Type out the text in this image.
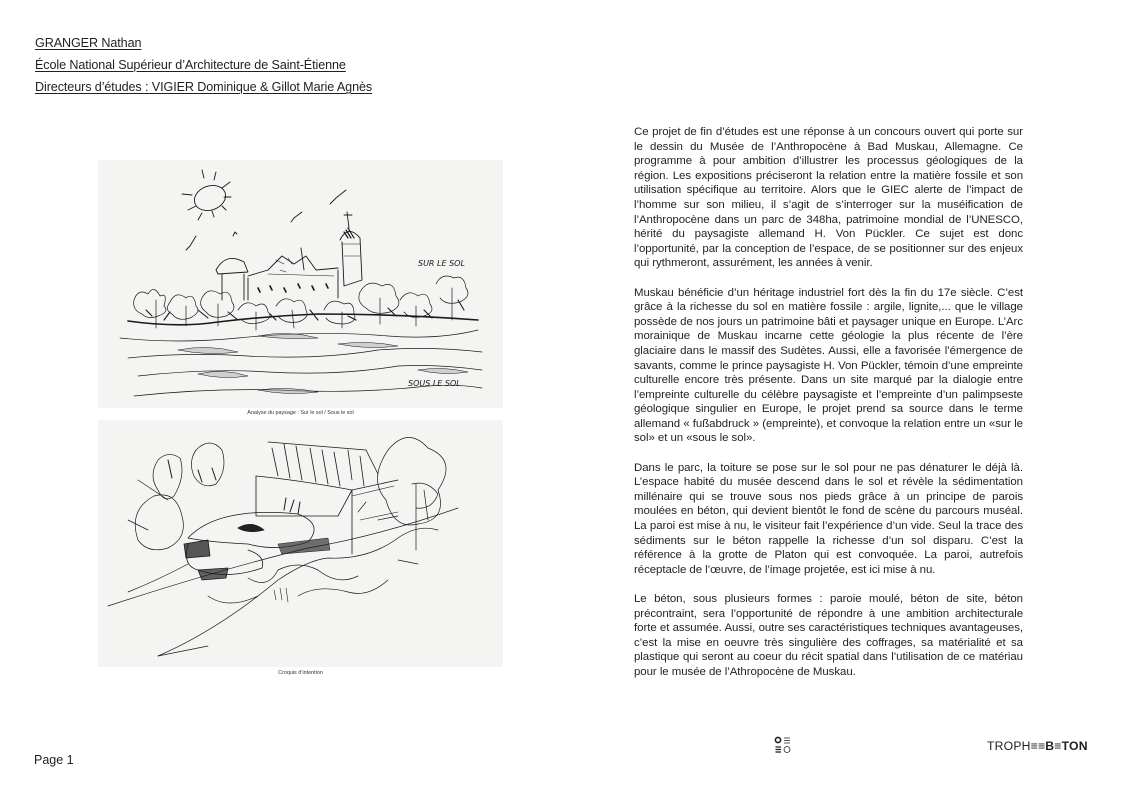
GRANGER Nathan
École National Supérieur d’Architecture de Saint-Étienne
Directeurs d’études : VIGIER Dominique & Gillot Marie Agnès
SUR LE SOL
SOUS LE SOL
Analyse du paysage : Sur le sol / Sous le sol
Croquis d’intention

Ce projet de fin d’études est une réponse à un concours ouvert qui porte sur le dessin du Musée de l’Anthropocène à Bad Muskau, Allemagne. Ce programme à pour ambition d’illustrer les processus géologiques de la région. Les expositions préciseront la relation entre la matière fossile et son utilisation spécifique au territoire. Alors que le GIEC alerte de l’impact de l’homme sur son milieu, il s’agit de s’interroger sur la muséification de l’Anthropocène dans un parc de 348ha, patrimoine mondial de l’UNESCO, hérité du paysagiste allemand H. Von Pückler. Ce sujet est donc l’opportunité, par la conception de l’espace, de se positionner sur des enjeux qui rythmeront, assurément, les années à venir.

Muskau bénéficie d’un héritage industriel fort dès la fin du 17e siècle. C’est grâce à la richesse du sol en matière fossile : argile, lignite,... que le village possède de nos jours un patrimoine bâti et paysager unique en Europe. L’Arc morainique de Muskau incarne cette géologie la plus récente de l’ère glaciaire dans le massif des Sudètes. Aussi, elle a favorisée l’émergence de savants, comme le prince paysagiste H. Von Pückler, témoin d’une empreinte culturelle encore très présente. Dans un site marqué par la dialogie entre l’empreinte culturelle du célèbre paysagiste et l’empreinte d’un palimpseste géologique singulier en Europe, le projet prend sa source dans le terme allemand « fußabdruck » (empreinte), et convoque la relation entre un «sur le sol» et un «sous le sol».

Dans le parc, la toiture se pose sur le sol pour ne pas dénaturer le déjà là. L’espace habité du musée descend dans le sol et révèle la sédimentation millénaire qui se trouve sous nos pieds grâce à un principe de parois moulées en béton, qui devient bientôt le fond de scène du parcours muséal. La paroi est mise à nu, le visiteur fait l’expérience d’un vide. Seul la trace des sédiments sur le béton rappelle la richesse d’un sol disparu. C’est la référence à la grotte de Platon qui est convoquée. La paroi, autrefois réceptacle de l’œuvre, de l’image projetée, est ici mise à nu.

Le béton, sous plusieurs formes : paroie moulé, béton de site, béton précontraint, sera l’opportunité de répondre à une ambition architecturale forte et assumée. Aussi, outre ses caractéristiques techniques avantageuses, c’est la mise en oeuvre très singulière des coffrages, sa matérialité et sa plastique qui seront au coeur du récit spatial dans l’utilisation de ce matériau pour le musée de l’Athropocène de Muskau.

Page 1
TROPH≡≡B≡TON
